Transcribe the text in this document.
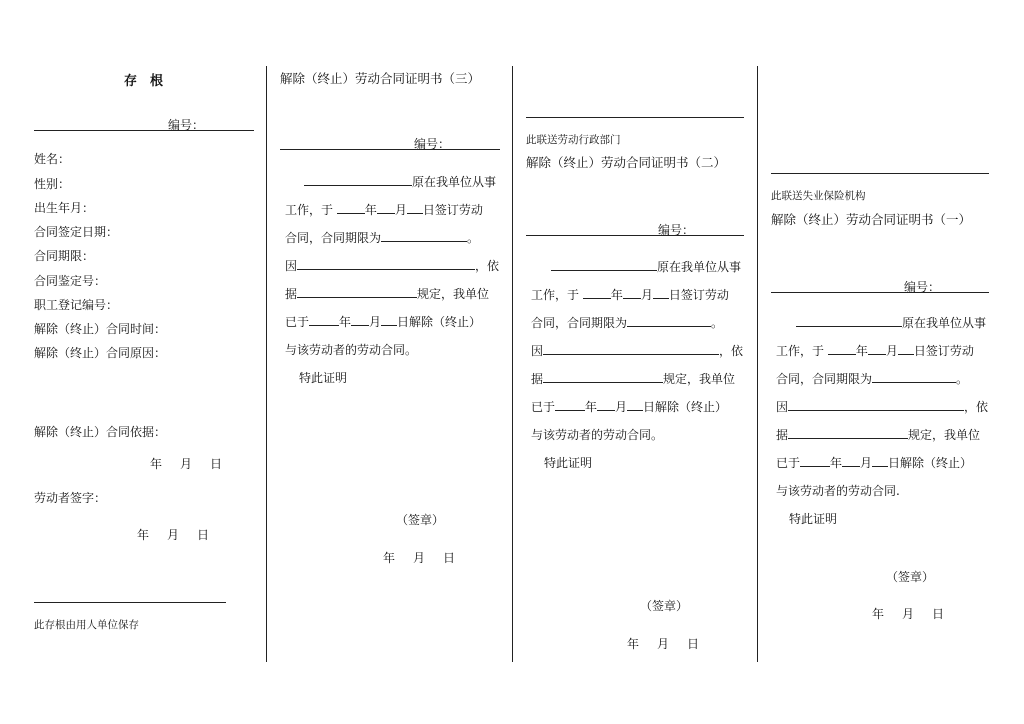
存　根
编号：
姓名：
性别：
出生年月：
合同签定日期：
合同期限：
合同鉴定号：
职工登记编号：
解除（终止）合同时间：
解除（终止）合同原因：
解除（终止）合同依据：
年 月 日
劳动者签字：
年 月 日
此存根由用人单位保存
解除（终止）劳动合同证明书（三）
编号：
原在我单位从事
工作，于	年 月 日签订劳动
合同，合同期限为	。
因	，依
据	规定，我单位
已于	年 月 日解除（终止）
与该劳动者的劳动合同。
特此证明
（签章）
年 月 日
此联送劳动行政部门
解除（终止）劳动合同证明书（二）
编号：
原在我单位从事
工作，于	年 月 日签订劳动
合同，合同期限为	。
因	，依
据	规定，我单位
已于	年 月 日解除（终止）
与该劳动者的劳动合同。
特此证明
（签章）
年 月 日
此联送失业保险机构
解除（终止）劳动合同证明书（一）
编号：
原在我单位从事
工作，于	年 月 日签订劳动
合同，合同期限为	。
因	，依
据	规定，我单位
已于	年 月 日解除（终止）
与该劳动者的劳动合同.
特此证明
（签章）
年 月 日
